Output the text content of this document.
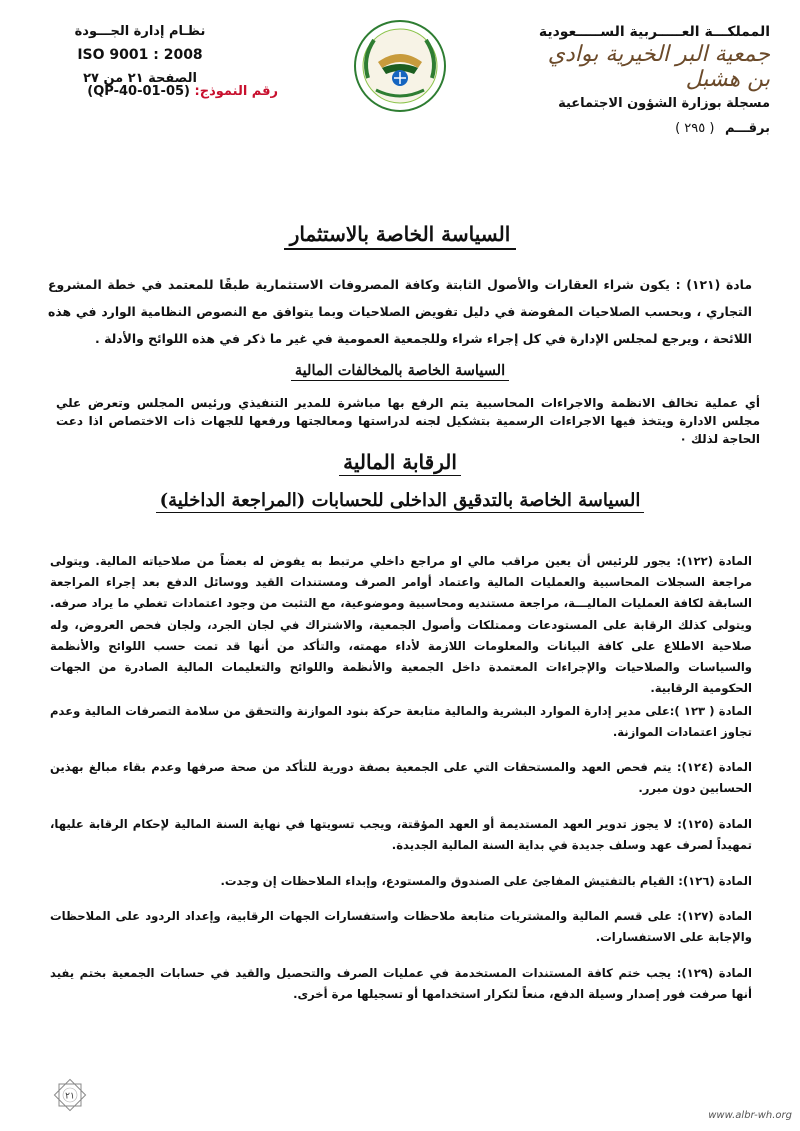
المملكـــة العـــــربية الســـــعودية
جمعية البر الخيرية بوادي بن هشبل
مسجلة بوزارة الشؤون الاجتماعية
برقـــم ( ٢٩٥ )
نظـام إدارة الجـــودة
ISO 9001 : 2008
الصفحة ٢١ من ٢٧
رقم النموذج: (QP-40-01-05)
السياسة الخاصة بالاستثمار
مادة (١٢١) : يكون شراء العقارات والأصول الثابتة وكافة المصروفات الاستثمارية طبقًا للمعتمد في خطة المشروع التجاري ، وبحسب الصلاحيات المفوضة في دليل تفويض الصلاحيات وبما يتوافق مع النصوص النظامية الوارد في هذه اللائحة ، ويرجع لمجلس الإدارة في كل إجراء شراء وللجمعية العمومية في غير ما ذكر في هذه اللوائح والأدلة .
السياسة الخاصة بالمخالفات المالية
أي عملية تخالف الانظمة والاجراءات المحاسبية يتم الرفع بها مباشرة للمدير التنفيذي ورئيس المجلس وتعرض علي مجلس الادارة ويتخذ فيها الاجراءات الرسمية بتشكيل لجنه لدراستها ومعالجتها ورفعها للجهات ذات الاختصاص اذا دعت الحاجة لذلك ٠
الرقابة المالية
السياسة الخاصة بالتدقيق الداخلى للحسابات (المراجعة الداخلية)
المادة (١٢٢): يجور للرئيس أن يعين مراقب مالي او مراجع داخلي مرتبط به يفوض له بعضاً من صلاحياته المالية. ويتولى مراجعة السجلات المحاسبية والعمليات المالية واعتماد أوامر الصرف ومستندات القيد ووسائل الدفع بعد إجراء المراجعة السابقة لكافة العمليات الماليـــة، مراجعة مستنديه ومحاسبية وموضوعية، مع التثبت من وجود اعتمادات تغطي ما يراد صرفه. ويتولى كذلك الرقابة على المستودعات وممتلكات وأصول الجمعية، والاشتراك في لجان الجرد، ولجان فحص العروض، وله صلاحية الاطلاع على كافة البيانات والمعلومات اللازمة لأداء مهمته، والتأكد من أنها قد تمت حسب اللوائح والأنظمة والسياسات والصلاحيات والإجراءات المعتمدة داخل الجمعية والأنظمة واللوائح والتعليمات المالية الصادرة من الجهات الحكومية الرقابية.
المادة ( ١٢٣ ):على مدير إدارة الموارد البشرية والمالية متابعة حركة بنود الموازنة والتحقق من سلامة التصرفات المالية وعدم تجاوز اعتمادات الموازنة.
المادة (١٢٤): يتم فحص العهد والمستحقات التي على الجمعية بصفة دورية للتأكد من صحة صرفها وعدم بقاء مبالغ بهذين الحسابين دون مبرر.
المادة (١٢٥): لا يجوز تدوير العهد المستديمة أو العهد المؤقتة، ويجب تسويتها في نهاية السنة المالية لإحكام الرقابة عليها، تمهيداً لصرف عهد وسلف جديدة في بداية السنة المالية الجديدة.
المادة (١٢٦): القيام بالتفتيش المفاجئ على الصندوق والمستودع، وإبداء الملاحظات إن وجدت.
المادة (١٢٧): على قسم المالية والمشتريات متابعة ملاحظات واستفسارات الجهات الرقابية، وإعداد الردود على الملاحظات والإجابة على الاستفسارات.
المادة (١٢٩): يجب ختم كافة المستندات المستخدمة في عمليات الصرف والتحصيل والقيد في حسابات الجمعية بختم يفيد أنها صرفت فور إصدار وسيلة الدفع، منعاً لتكرار استخدامها أو تسجيلها مرة أخرى.
٢١
www.albr-wh.org
